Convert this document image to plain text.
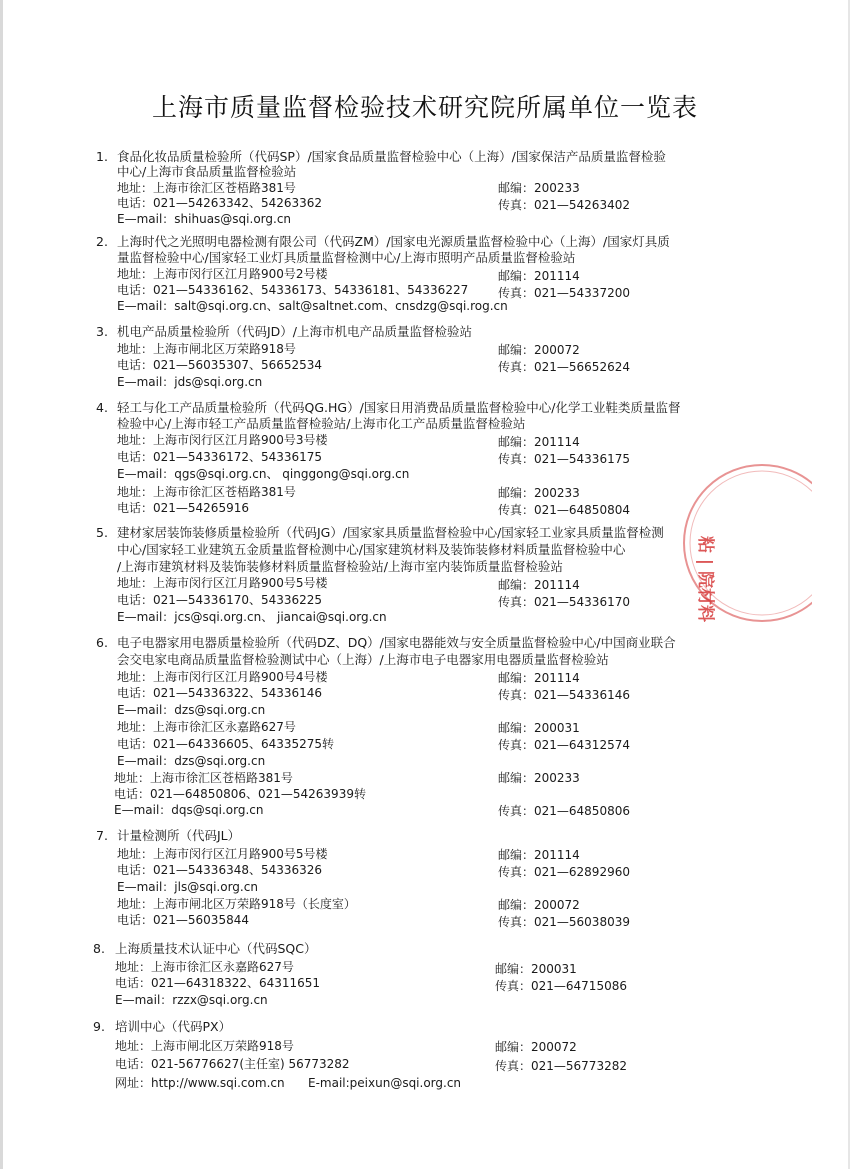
上海市质量监督检验技术研究院所属单位一览表
1. 食品化妆品质量检验所（代码SP）/国家食品质量监督检验中心（上海）/国家保洁产品质量监督检验
中心/上海市食品质量监督检验站
地址：上海市徐汇区苍梧路381号	邮编：200233
电话：021—54263342、54263362	传真：021—54263402
E—mail：shihuas@sqi.org.cn
2. 上海时代之光照明电器检测有限公司（代码ZM）/国家电光源质量监督检验中心（上海）/国家灯具质
量监督检验中心/国家轻工业灯具质量监督检测中心/上海市照明产品质量监督检验站
地址：上海市闵行区江月路900号2号楼	邮编：201114
电话：021—54336162、54336173、54336181、54336227 传真：021—54337200
E—mail：salt@sqi.org.cn、salt@saltnet.com、cnsdzg@sqi.rog.cn
3. 机电产品质量检验所（代码JD）/上海市机电产品质量监督检验站
地址：上海市闸北区万荣路918号	邮编：200072
电话：021—56035307、56652534	传真：021—56652624
E—mail：jds@sqi.org.cn
4. 轻工与化工产品质量检验所（代码QG.HG）/国家日用消费品质量监督检验中心/化学工业鞋类质量监督
检验中心/上海市轻工产品质量监督检验站/上海市化工产品质量监督检验站
地址：上海市闵行区江月路900号3号楼	邮编：201114
电话：021—54336172、54336175	传真：021—54336175
E—mail：qgs@sqi.org.cn、 qinggong@sqi.org.cn
地址：上海市徐汇区苍梧路381号	邮编：200233
电话：021—54265916	传真：021—64850804
5. 建材家居装饰装修质量检验所（代码JG）/国家家具质量监督检验中心/国家轻工业家具质量监督检测
中心/国家轻工业建筑五金质量监督检测中心/国家建筑材料及装饰装修材料质量监督检验中心
/上海市建筑材料及装饰装修材料质量监督检验站/上海市室内装饰质量监督检验站
地址：上海市闵行区江月路900号5号楼	邮编：201114
电话：021—54336170、54336225	传真：021—54336170
E—mail：jcs@sqi.org.cn、 jiancai@sqi.org.cn
6. 电子电器家用电器质量检验所（代码DZ、DQ）/国家电器能效与安全质量监督检验中心/中国商业联合
会交电家电商品质量监督检验测试中心（上海）/上海市电子电器家用电器质量监督检验站
地址：上海市闵行区江月路900号4号楼	邮编：201114
电话：021—54336322、54336146	传真：021—54336146
E—mail：dzs@sqi.org.cn
地址：上海市徐汇区永嘉路627号	邮编：200031
电话：021—64336605、64335275转	传真：021—64312574
E—mail：dzs@sqi.org.cn
地址：上海市徐汇区苍梧路381号	邮编：200233
电话：021—64850806、021—54263939转
E—mail：dqs@sqi.org.cn	传真：021—64850806
7. 计量检测所（代码JL）
地址：上海市闵行区江月路900号5号楼	邮编：201114
电话：021—54336348、54336326	传真：021—62892960
E—mail：jls@sqi.org.cn
地址：上海市闸北区万荣路918号（长度室）	邮编：200072
电话：021—56035844	传真：021—56038039
8. 上海质量技术认证中心（代码SQC）
地址：上海市徐汇区永嘉路627号	邮编：200031
电话：021—64318322、64311651	传真：021—64715086
E—mail：rzzx@sqi.org.cn
9. 培训中心（代码PX）
地址：上海市闸北区万荣路918号	邮编：200072
电话：021-56776627(主任室) 56773282	传真：021—56773282
网址：http://www.sqi.com.cn E-mail:peixun@sqi.org.cn
粘 | 院材料
